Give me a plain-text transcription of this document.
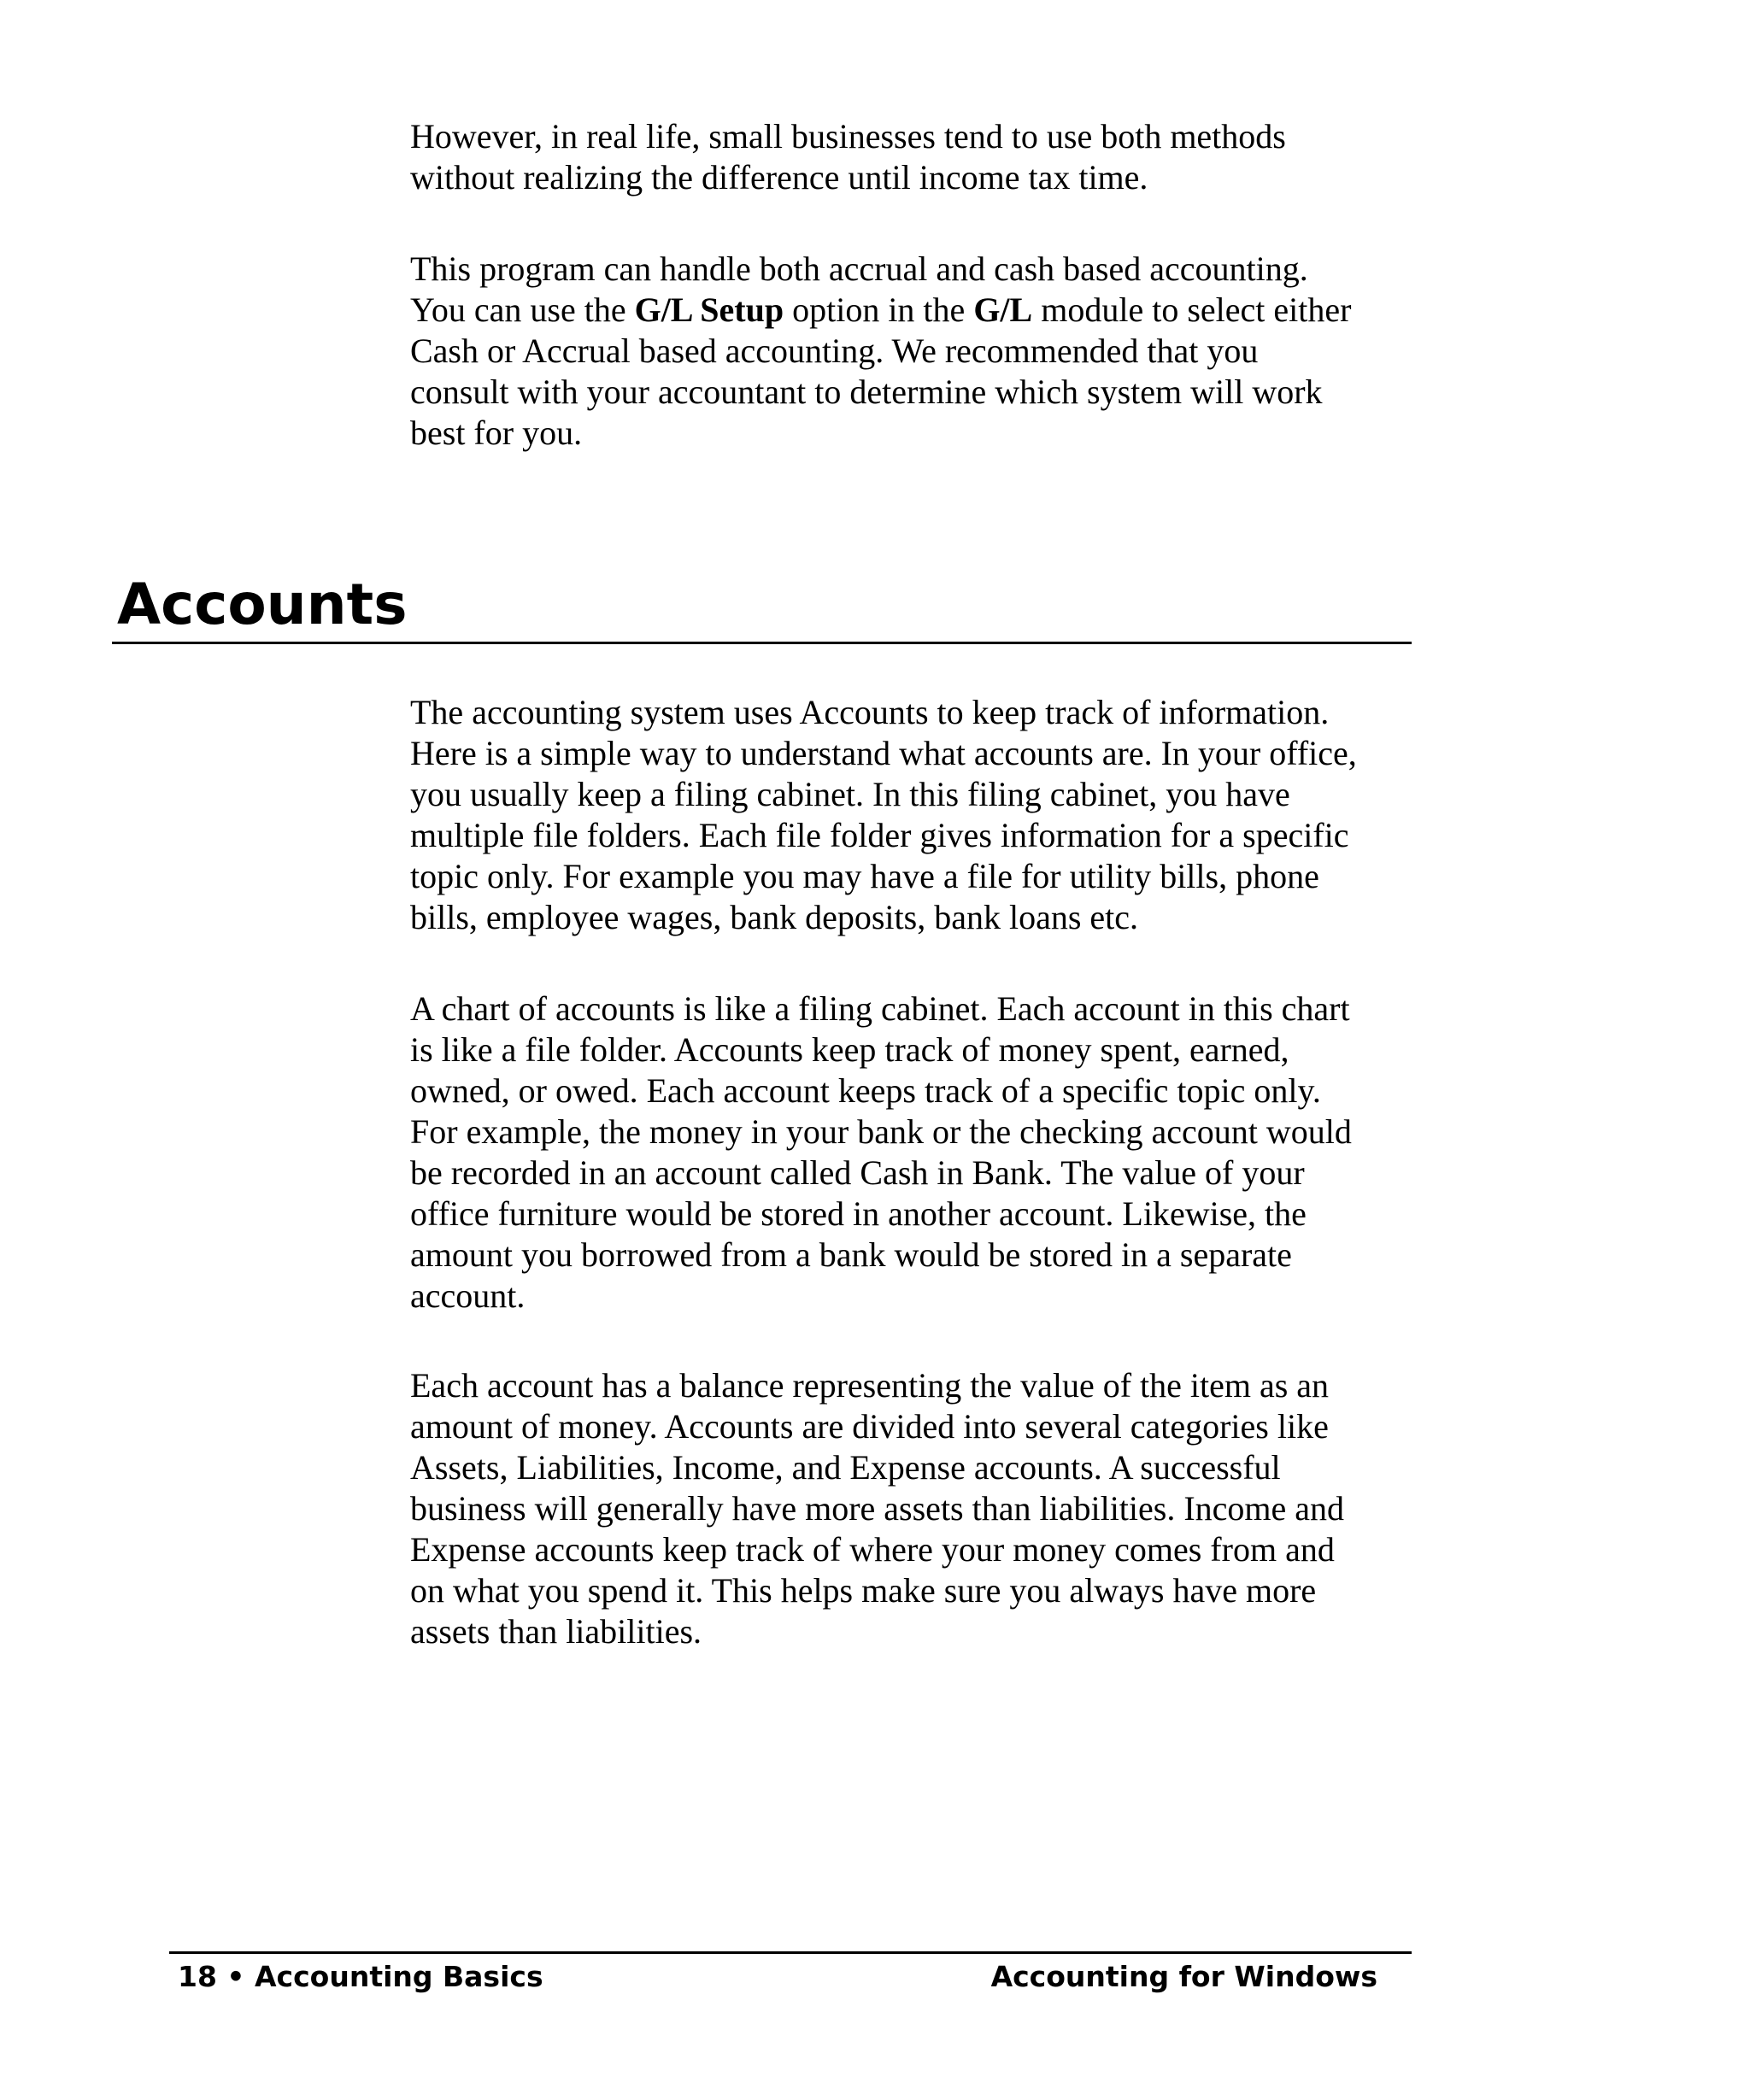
However, in real life, small businesses tend to use both methods
without realizing the difference until income tax time.

This program can handle both accrual and cash based accounting.
You can use the G/L Setup option in the G/L module to select either
Cash or Accrual based accounting. We recommended that you
consult with your accountant to determine which system will work
best for you.

Accounts

The accounting system uses Accounts to keep track of information.
Here is a simple way to understand what accounts are. In your office,
you usually keep a filing cabinet. In this filing cabinet, you have
multiple file folders. Each file folder gives information for a specific
topic only. For example you may have a file for utility bills, phone
bills, employee wages, bank deposits, bank loans etc.

A chart of accounts is like a filing cabinet. Each account in this chart
is like a file folder. Accounts keep track of money spent, earned,
owned, or owed. Each account keeps track of a specific topic only.
For example, the money in your bank or the checking account would
be recorded in an account called Cash in Bank. The value of your
office furniture would be stored in another account. Likewise, the
amount you borrowed from a bank would be stored in a separate
account.

Each account has a balance representing the value of the item as an
amount of money. Accounts are divided into several categories like
Assets, Liabilities, Income, and Expense accounts. A successful
business will generally have more assets than liabilities. Income and
Expense accounts keep track of where your money comes from and
on what you spend it. This helps make sure you always have more
assets than liabilities.

18 • Accounting Basics	Accounting for Windows
